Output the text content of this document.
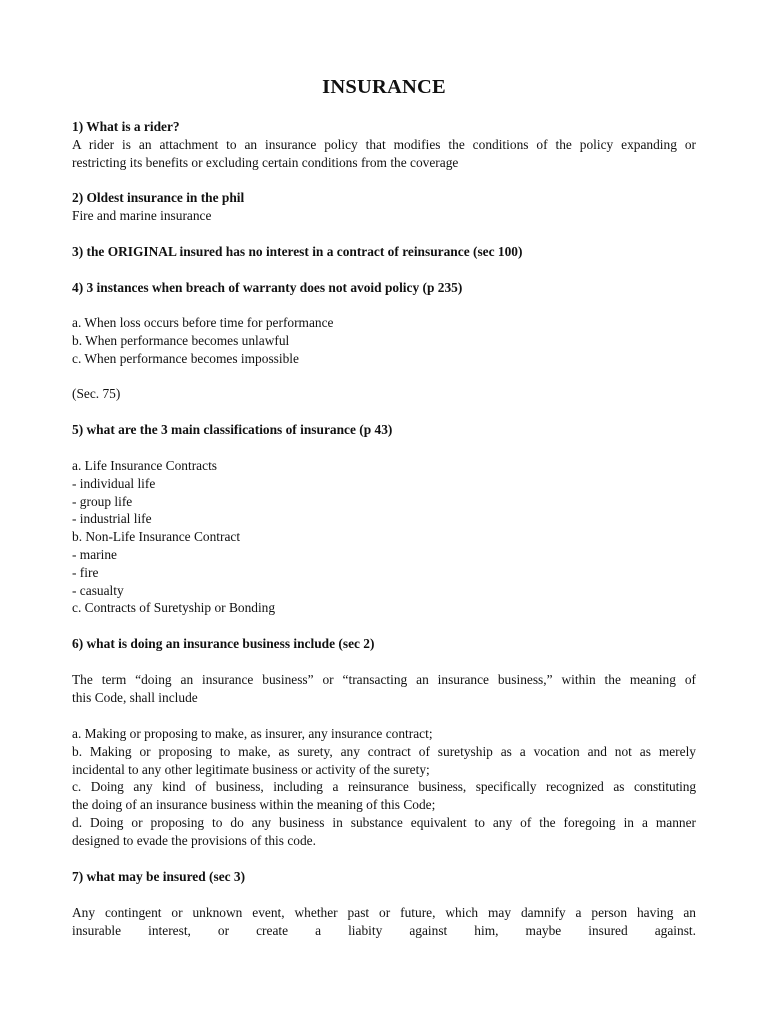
INSURANCE
1) What is a rider?
A rider is an attachment to an insurance policy that modifies the conditions of the policy expanding or
restricting its benefits or excluding certain conditions from the coverage
2) Oldest insurance in the phil
Fire and marine insurance
3) the ORIGINAL insured has no interest in a contract of reinsurance (sec 100)
4) 3 instances when breach of warranty does not avoid policy (p 235)
a. When loss occurs before time for performance
b. When performance becomes unlawful
c. When performance becomes impossible
(Sec. 75)
5) what are the 3 main classifications of insurance (p 43)
a. Life Insurance Contracts
- individual life
- group life
- industrial life
b. Non-Life Insurance Contract
- marine
- fire
- casualty
c. Contracts of Suretyship or Bonding
6) what is doing an insurance business include (sec 2)
The term “doing an insurance business” or “transacting an insurance business,” within the meaning of
this Code, shall include
a. Making or proposing to make, as insurer, any insurance contract;
b. Making or proposing to make, as surety, any contract of suretyship as a vocation and not as merely
incidental to any other legitimate business or activity of the surety;
c. Doing any kind of business, including a reinsurance business, specifically recognized as constituting
the doing of an insurance business within the meaning of this Code;
d. Doing or proposing to do any business in substance equivalent to any of the foregoing in a manner
designed to evade the provisions of this code.
7) what may be insured (sec 3)
Any contingent or unknown event, whether past or future, which may damnify a person having an
insurable interest, or create a liabity against him, maybe insured against.
